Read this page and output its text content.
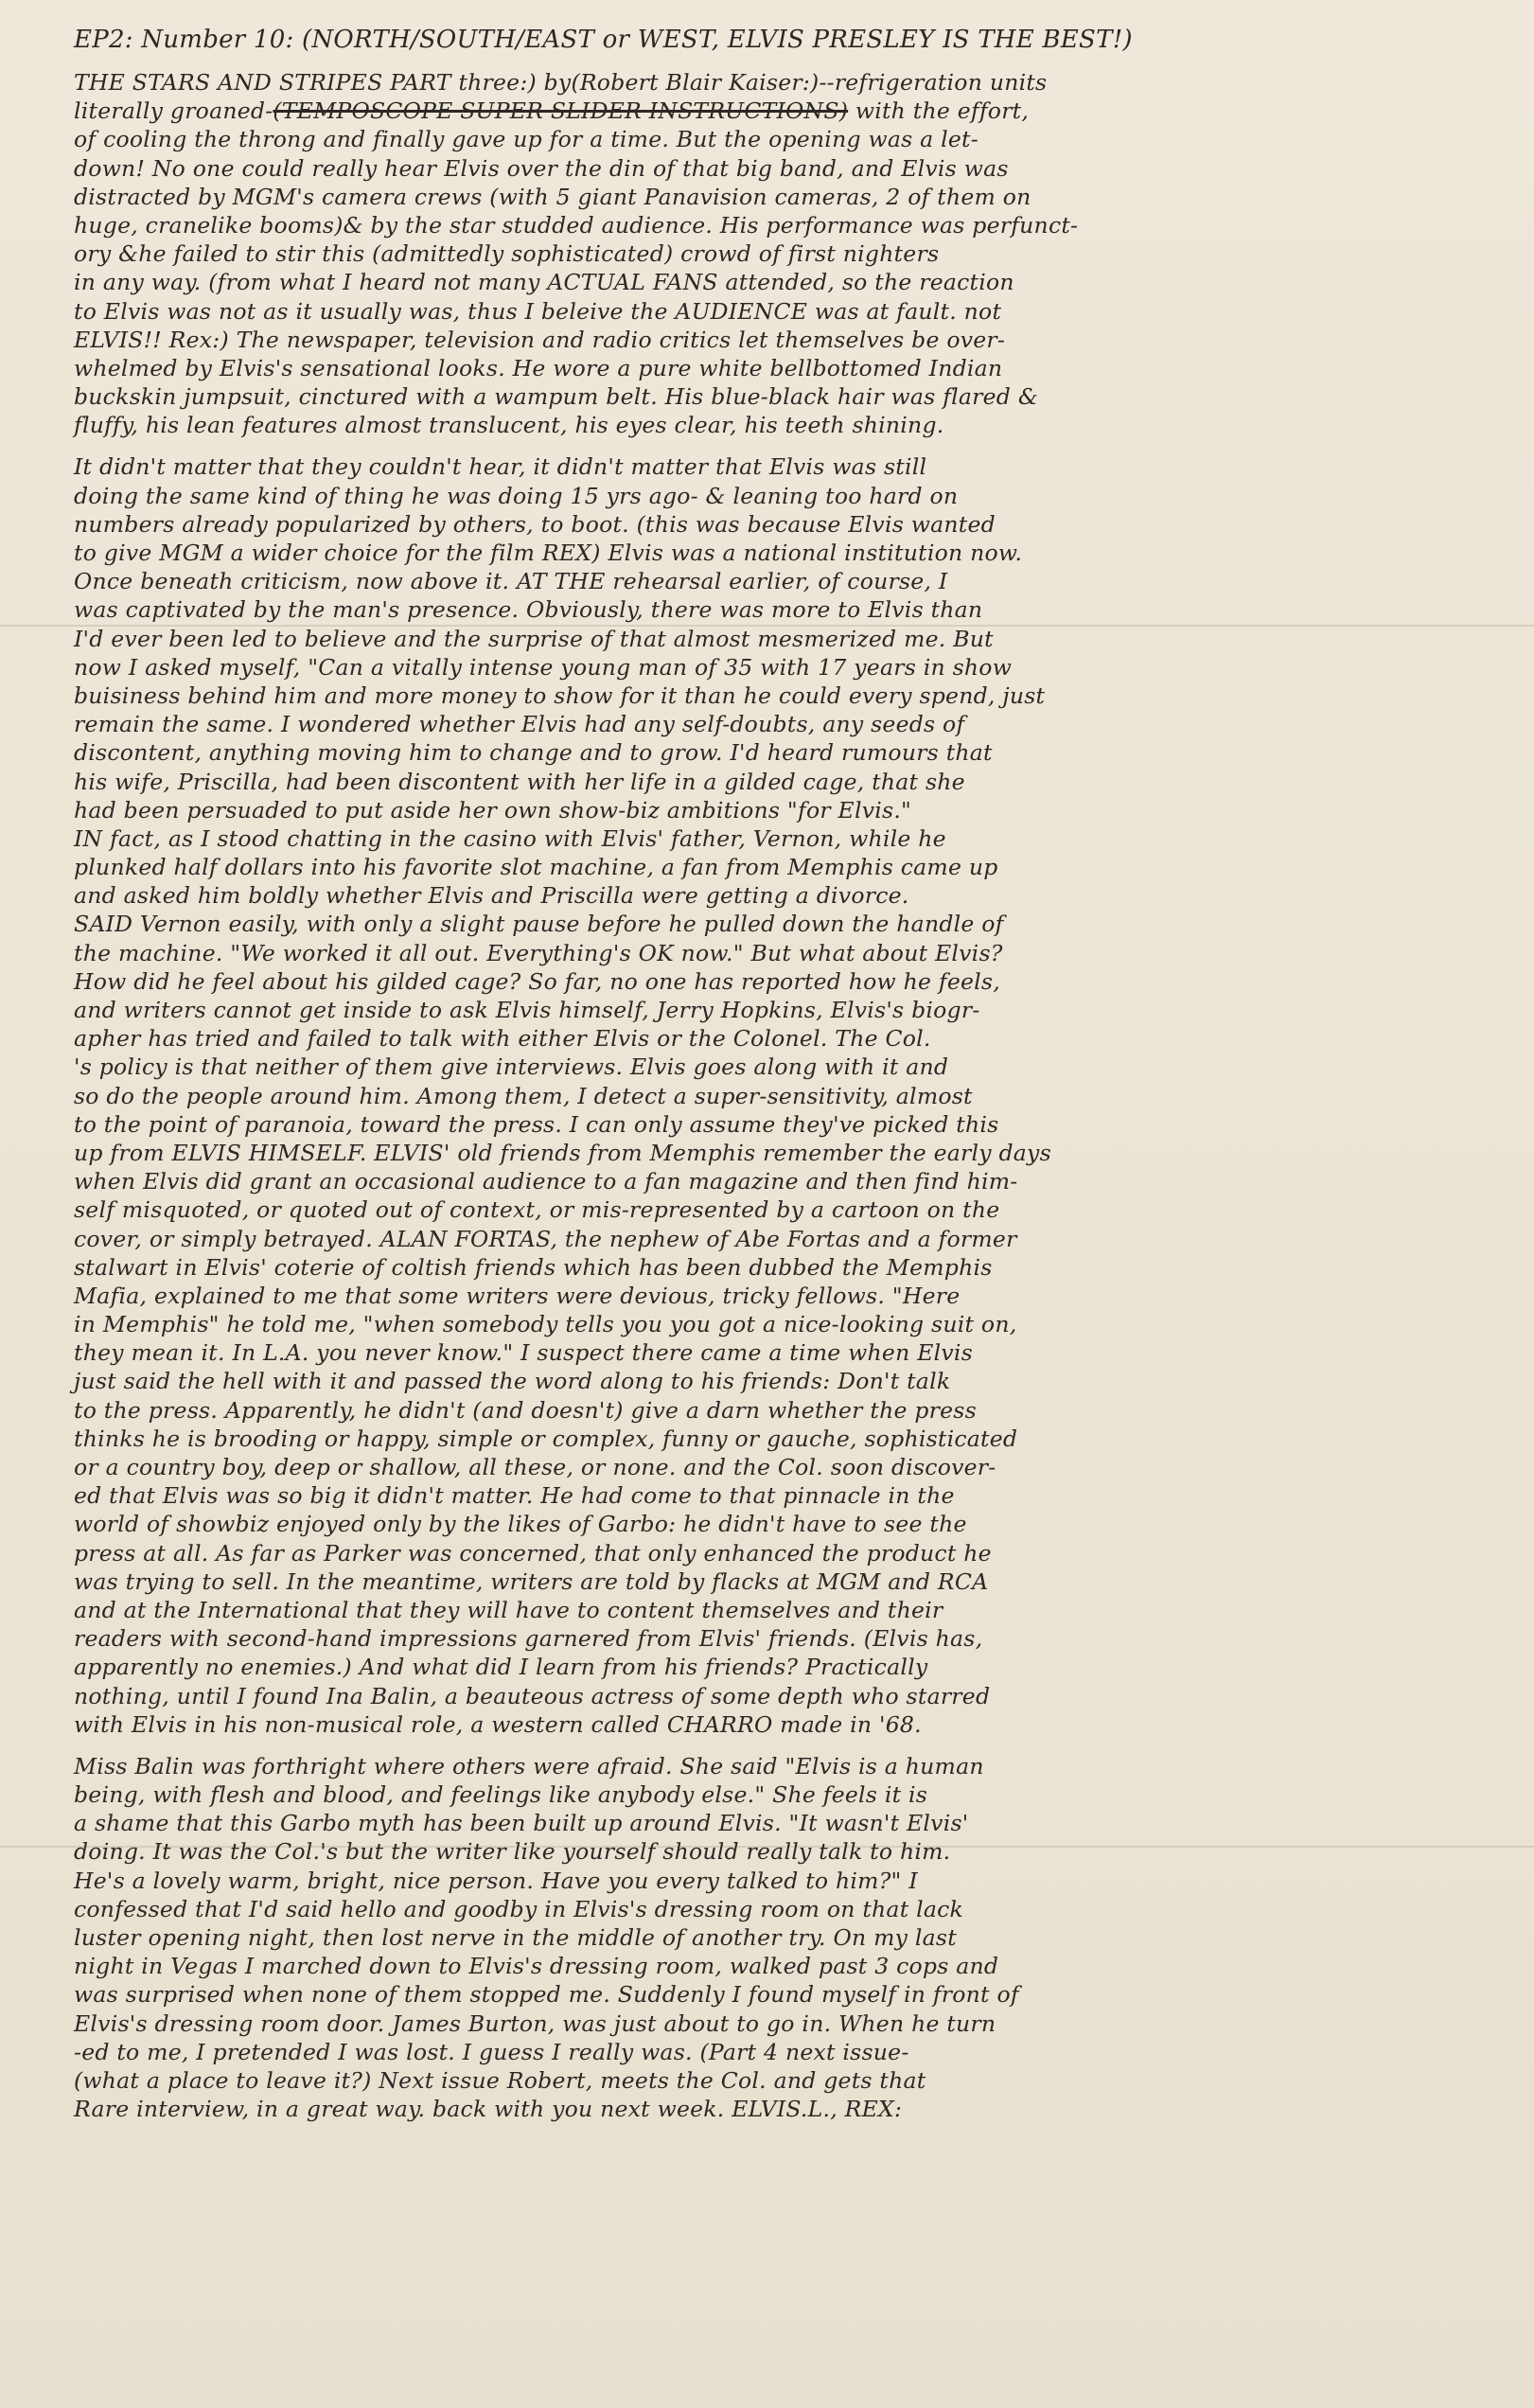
EP2: Number 10: (NORTH/SOUTH/EAST or WEST, ELVIS PRESLEY IS THE BEST!)
THE STARS AND STRIPES PART three:) by(Robert Blair Kaiser:)--refrigeration units
literally groaned-(TEMPOSCOPE SUPER SLIDER INSTRUCTIONS) with the effort,
of cooling the throng and finally gave up for a time. But the opening was a let-
down! No one could really hear Elvis over the din of that big band, and Elvis was
distracted by MGM's camera crews (with 5 giant Panavision cameras, 2 of them on
huge, cranelike booms)& by the star studded audience. His performance was perfunct-
ory &he failed to stir this (admittedly sophisticated) crowd of first nighters
in any way. (from what I heard not many ACTUAL FANS attended, so the reaction
to Elvis was not as it usually was, thus I beleive the AUDIENCE was at fault. not
ELVIS!! Rex:) The newspaper, television and radio critics let themselves be over-
whelmed by Elvis's sensational looks. He wore a pure white bellbottomed Indian
buckskin jumpsuit, cinctured with a wampum belt. His blue-black hair was flared &
fluffy, his lean features almost translucent, his eyes clear, his teeth shining.
It didn't matter that they couldn't hear, it didn't matter that Elvis was still
doing the same kind of thing he was doing 15 yrs ago- & leaning too hard on
numbers already popularized by others, to boot. (this was because Elvis wanted
to give MGM a wider choice for the film REX) Elvis was a national institution now.
Once beneath criticism, now above it. AT THE rehearsal earlier, of course, I
was captivated by the man's presence. Obviously, there was more to Elvis than
I'd ever been led to believe and the surprise of that almost mesmerized me. But
now I asked myself, "Can a vitally intense young man of 35 with 17 years in show
buisiness behind him and more money to show for it than he could every spend, just
remain the same. I wondered whether Elvis had any self-doubts, any seeds of
discontent, anything moving him to change and to grow. I'd heard rumours that
his wife, Priscilla, had been discontent with her life in a gilded cage, that she
had been persuaded to put aside her own show-biz ambitions "for Elvis."
IN fact, as I stood chatting in the casino with Elvis' father, Vernon, while he
plunked half dollars into his favorite slot machine, a fan from Memphis came up
and asked him boldly whether Elvis and Priscilla were getting a divorce.
SAID Vernon easily, with only a slight pause before he pulled down the handle of
the machine. "We worked it all out. Everything's OK now." But what about Elvis?
How did he feel about his gilded cage? So far, no one has reported how he feels,
and writers cannot get inside to ask Elvis himself, Jerry Hopkins, Elvis's biogr-
apher has tried and failed to talk with either Elvis or the Colonel. The Col.
's policy is that neither of them give interviews. Elvis goes along with it and
so do the people around him. Among them, I detect a super-sensitivity, almost
to the point of paranoia, toward the press. I can only assume they've picked this
up from ELVIS HIMSELF. ELVIS' old friends from Memphis remember the early days
when Elvis did grant an occasional audience to a fan magazine and then find him-
self misquoted, or quoted out of context, or mis-represented by a cartoon on the
cover, or simply betrayed. ALAN FORTAS, the nephew of Abe Fortas and a former
stalwart in Elvis' coterie of coltish friends which has been dubbed the Memphis
Mafia, explained to me that some writers were devious, tricky fellows. "Here
in Memphis" he told me, "when somebody tells you you got a nice-looking suit on,
they mean it. In L.A. you never know." I suspect there came a time when Elvis
just said the hell with it and passed the word along to his friends: Don't talk
to the press. Apparently, he didn't (and doesn't) give a darn whether the press
thinks he is brooding or happy, simple or complex, funny or gauche, sophisticated
or a country boy, deep or shallow, all these, or none. and the Col. soon discover-
ed that Elvis was so big it didn't matter. He had come to that pinnacle in the
world of showbiz enjoyed only by the likes of Garbo: he didn't have to see the
press at all. As far as Parker was concerned, that only enhanced the product he
was trying to sell. In the meantime, writers are told by flacks at MGM and RCA
and at the International that they will have to content themselves and their
readers with second-hand impressions garnered from Elvis' friends. (Elvis has,
apparently no enemies.) And what did I learn from his friends? Practically
nothing, until I found Ina Balin, a beauteous actress of some depth who starred
with Elvis in his non-musical role, a western called CHARRO made in '68.
Miss Balin was forthright where others were afraid. She said "Elvis is a human
being, with flesh and blood, and feelings like anybody else." She feels it is
a shame that this Garbo myth has been built up around Elvis. "It wasn't Elvis'
doing. It was the Col.'s but the writer like yourself should really talk to him.
He's a lovely warm, bright, nice person. Have you every talked to him?" I
confessed that I'd said hello and goodby in Elvis's dressing room on that lack
luster opening night, then lost nerve in the middle of another try. On my last
night in Vegas I marched down to Elvis's dressing room, walked past 3 cops and
was surprised when none of them stopped me. Suddenly I found myself in front of
Elvis's dressing room door. James Burton, was just about to go in. When he turn
-ed to me, I pretended I was lost. I guess I really was. (Part 4 next issue-
(what a place to leave it?) Next issue Robert, meets the Col. and gets that
Rare interview, in a great way. back with you next week. ELVIS.L., REX:
